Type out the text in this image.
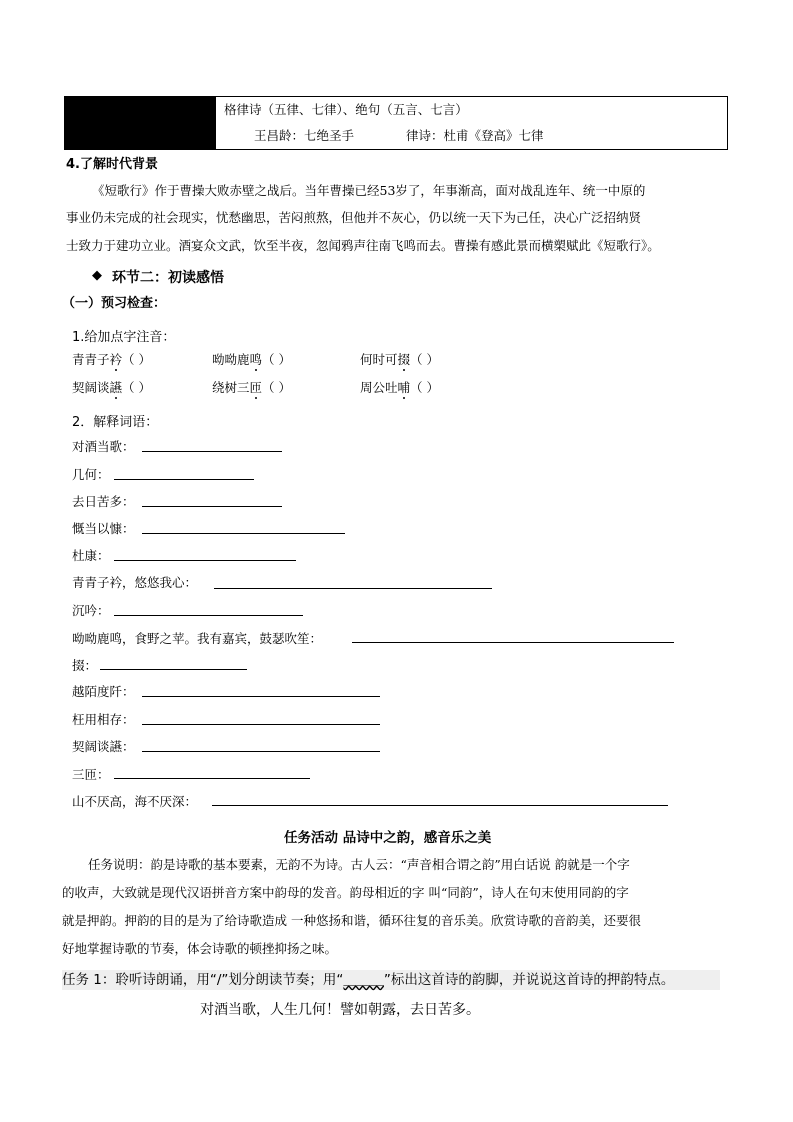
格律诗（五律、七律）、绝句（五言、七言）
王昌龄：七绝圣手	律诗：杜甫《登高》七律
4.了解时代背景
《短歌行》作于曹操大败赤壁之战后。当年曹操已经53岁了，年事渐高，面对战乱连年、统一中原的
事业仍未完成的社会现实，忧愁幽思，苦闷煎熬，但他并不灰心，仍以统一天下为己任，决心广泛招纳贤
士致力于建功立业。酒宴众文武，饮至半夜，忽闻鸦声往南飞鸣而去。曹操有感此景而横槊赋此《短歌行》。
◆ 环节二：初读感悟
（一）预习检查：
1.给加点字注音：
青青子衿（ ）	呦呦鹿鸣（ ）	何时可掇（ ）
契阔谈讌（ ）	绕树三匝（ ）	周公吐哺（ ）
2．解释词语：
对酒当歌：
几何：
去日苦多：
慨当以慷：
杜康：
青青子衿，悠悠我心：
沉吟：
呦呦鹿鸣，食野之苹。我有嘉宾，鼓瑟吹笙：
掇：
越陌度阡：
枉用相存：
契阔谈讌：
三匝：
山不厌高，海不厌深：
任务活动 品诗中之韵，感音乐之美
任务说明：韵是诗歌的基本要素，无韵不为诗。古人云：“声音相合谓之韵”用白话说 韵就是一个字
的收声，大致就是现代汉语拼音方案中韵母的发音。韵母相近的字 叫“同韵”，诗人在句末使用同韵的字
就是押韵。押韵的目的是为了给诗歌造成 一种悠扬和谐，循环往复的音乐美。欣赏诗歌的音韵美，还要很
好地掌握诗歌的节奏，体会诗歌的顿挫抑扬之味。
任务 1：聆听诗朗诵，用“/”划分朗读节奏；用“＿＿＿”标出这首诗的韵脚，并说说这首诗的押韵特点。
对酒当歌，人生几何！譬如朝露，去日苦多。
